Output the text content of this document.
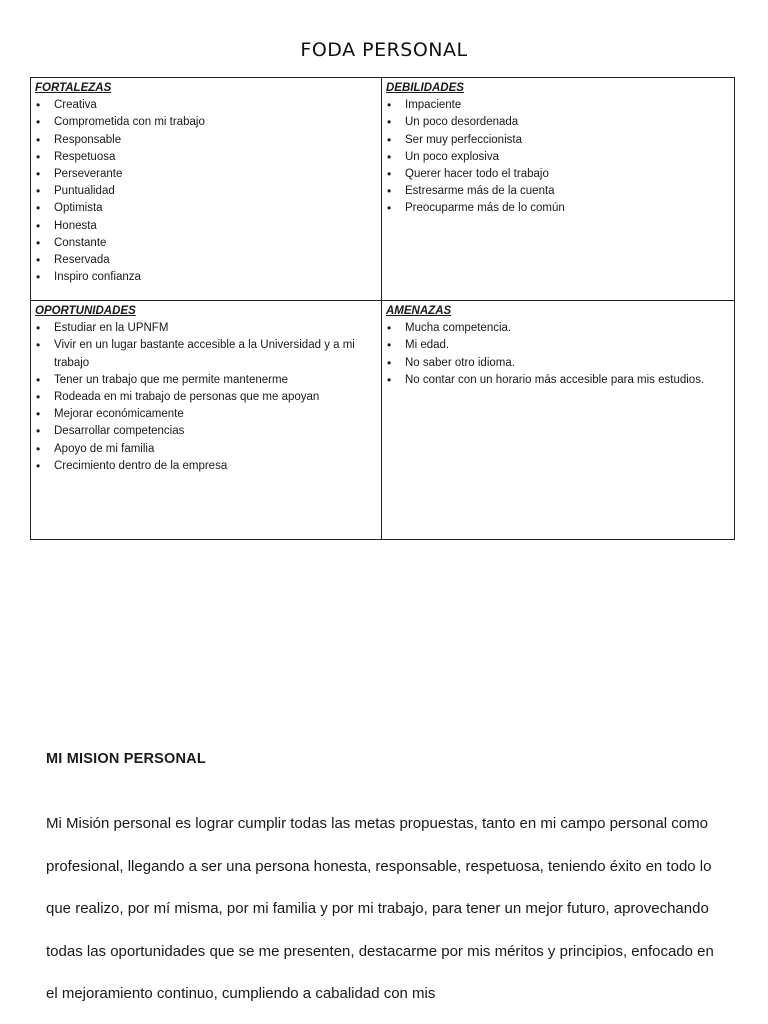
FODA PERSONAL
FORTALEZAS
• Creativa
• Comprometida con mi trabajo
• Responsable
• Respetuosa
• Perseverante
• Puntualidad
• Optimista
• Honesta
• Constante
• Reservada
• Inspiro confianza
DEBILIDADES
• Impaciente
• Un poco desordenada
• Ser muy perfeccionista
• Un poco explosiva
• Querer hacer todo el trabajo
• Estresarme más de la cuenta
• Preocuparme más de lo común
OPORTUNIDADES
• Estudiar en la UPNFM
• Vivir en un lugar bastante accesible a la Universidad y a mi trabajo
• Tener un trabajo que me permite mantenerme
• Rodeada en mi trabajo de personas que me apoyan
• Mejorar económicamente
• Desarrollar competencias
• Apoyo de mi familia
• Crecimiento dentro de la empresa
AMENAZAS
• Mucha competencia.
• Mi edad.
• No saber otro idioma.
• No contar con un horario más accesible para mis estudios.
MI MISION PERSONAL
Mi Misión personal es lograr cumplir todas las metas propuestas, tanto en mi campo personal como profesional, llegando a ser una persona honesta, responsable, respetuosa, teniendo éxito en todo lo que realizo, por mí misma, por mi familia y por mi trabajo, para tener un mejor futuro, aprovechando todas las oportunidades que se me presenten, destacarme por mis méritos y principios, enfocado en el mejoramiento continuo, cumpliendo a cabalidad con mis
